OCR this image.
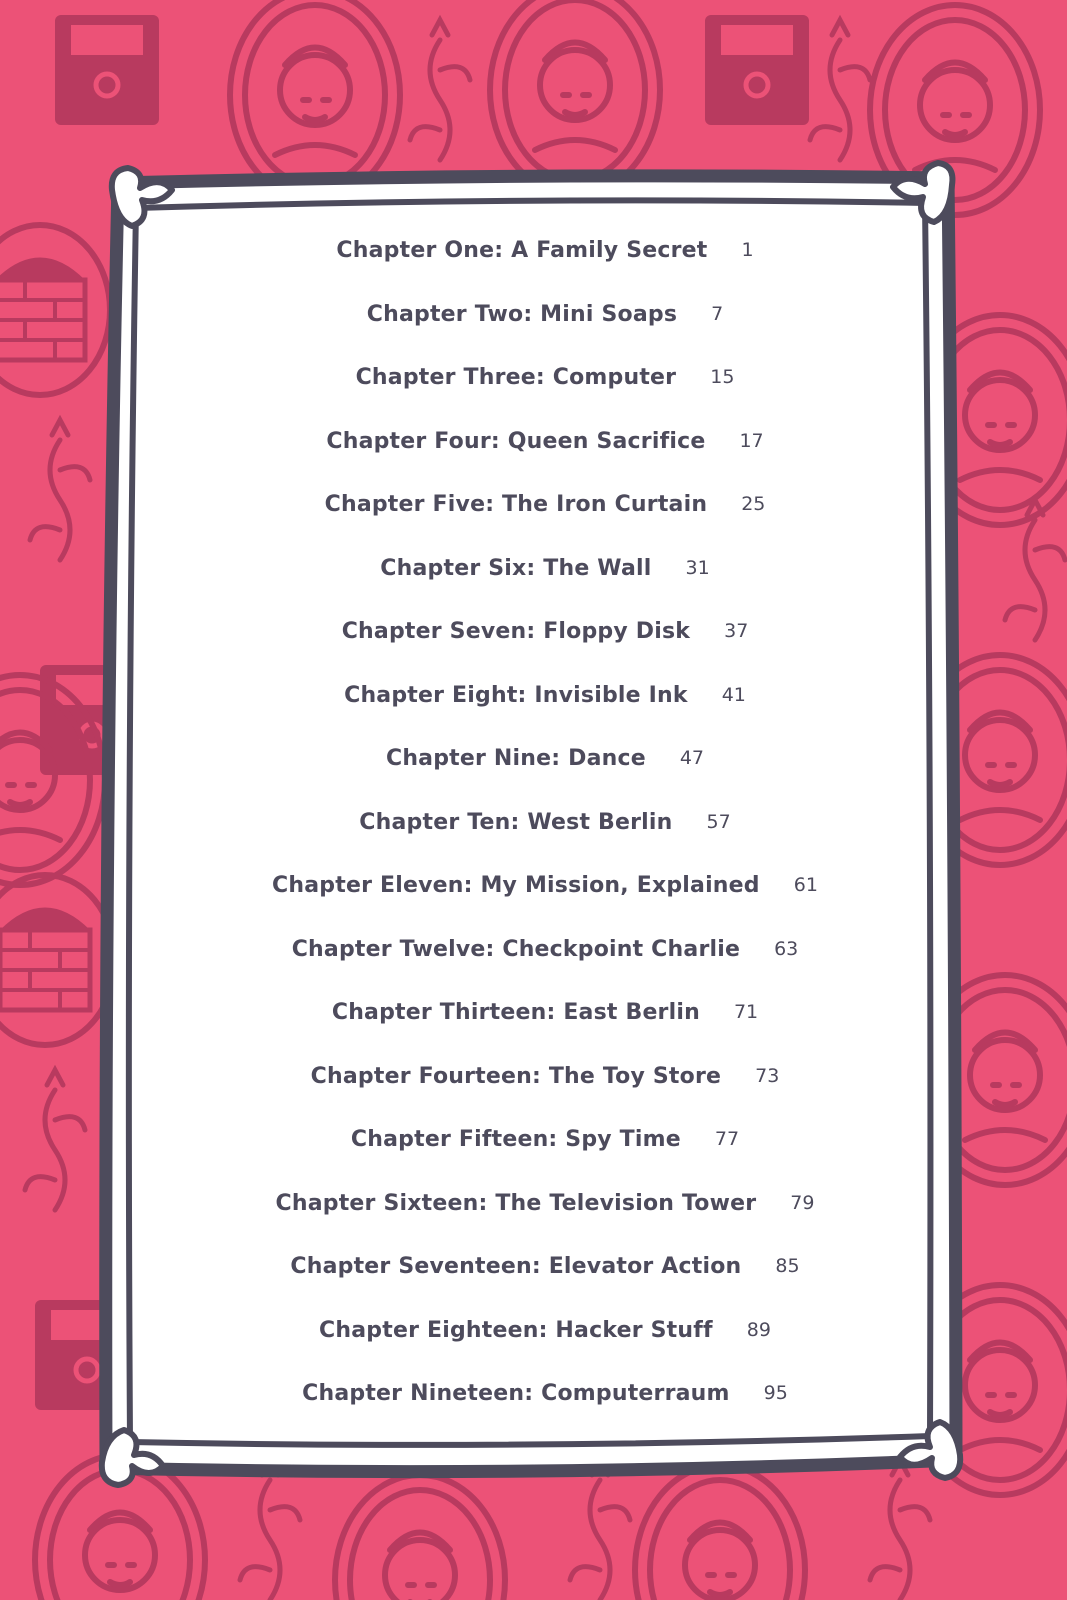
Chapter One: A Family Secret 1
Chapter Two: Mini Soaps 7
Chapter Three: Computer 15
Chapter Four: Queen Sacrifice 17
Chapter Five: The Iron Curtain 25
Chapter Six: The Wall 31
Chapter Seven: Floppy Disk 37
Chapter Eight: Invisible Ink 41
Chapter Nine: Dance 47
Chapter Ten: West Berlin 57
Chapter Eleven: My Mission, Explained 61
Chapter Twelve: Checkpoint Charlie 63
Chapter Thirteen: East Berlin 71
Chapter Fourteen: The Toy Store 73
Chapter Fifteen: Spy Time 77
Chapter Sixteen: The Television Tower 79
Chapter Seventeen: Elevator Action 85
Chapter Eighteen: Hacker Stuff 89
Chapter Nineteen: Computerraum 95
